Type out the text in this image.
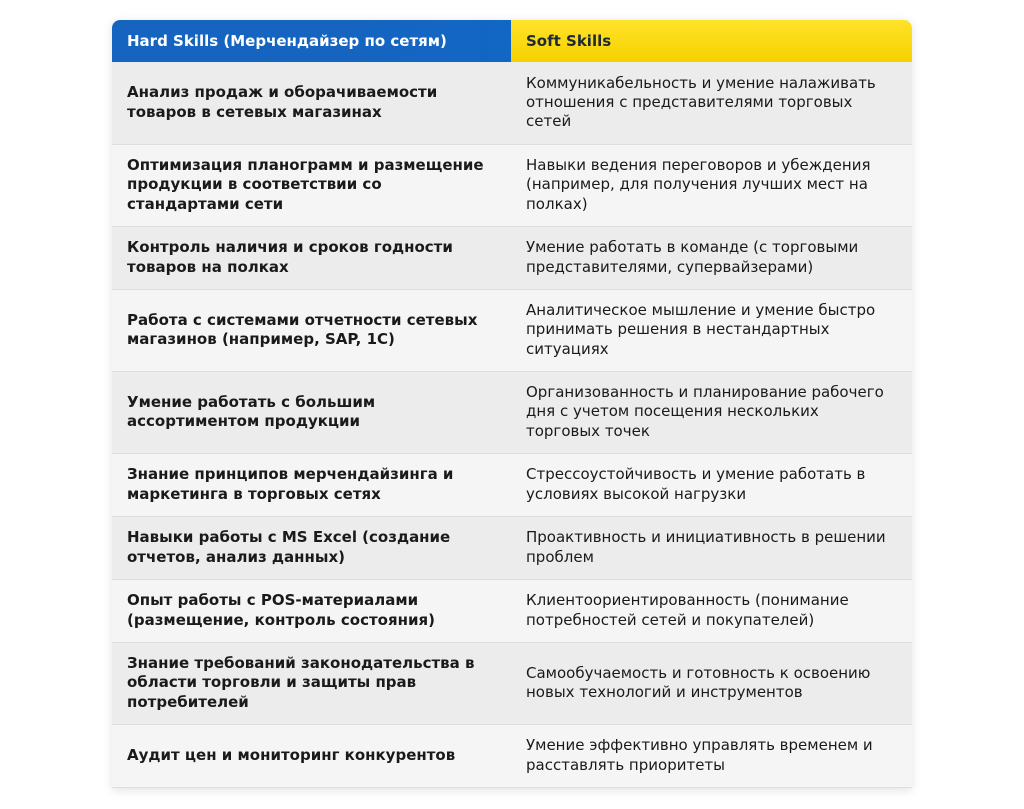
Hard Skills (Мерчендайзер по сетям)	Soft Skills
Анализ продаж и оборачиваемости товаров в сетевых магазинах	Коммуникабельность и умение налаживать отношения с представителями торговых сетей
Оптимизация планограмм и размещение продукции в соответствии со стандартами сети	Навыки ведения переговоров и убеждения (например, для получения лучших мест на полках)
Контроль наличия и сроков годности товаров на полках	Умение работать в команде (с торговыми представителями, супервайзерами)
Работа с системами отчетности сетевых магазинов (например, SAP, 1С)	Аналитическое мышление и умение быстро принимать решения в нестандартных ситуациях
Умение работать с большим ассортиментом продукции	Организованность и планирование рабочего дня с учетом посещения нескольких торговых точек
Знание принципов мерчендайзинга и маркетинга в торговых сетях	Стрессоустойчивость и умение работать в условиях высокой нагрузки
Навыки работы с MS Excel (создание отчетов, анализ данных)	Проактивность и инициативность в решении проблем
Опыт работы с POS-материалами (размещение, контроль состояния)	Клиентоориентированность (понимание потребностей сетей и покупателей)
Знание требований законодательства в области торговли и защиты прав потребителей	Самообучаемость и готовность к освоению новых технологий и инструментов
Аудит цен и мониторинг конкурентов	Умение эффективно управлять временем и расставлять приоритеты
